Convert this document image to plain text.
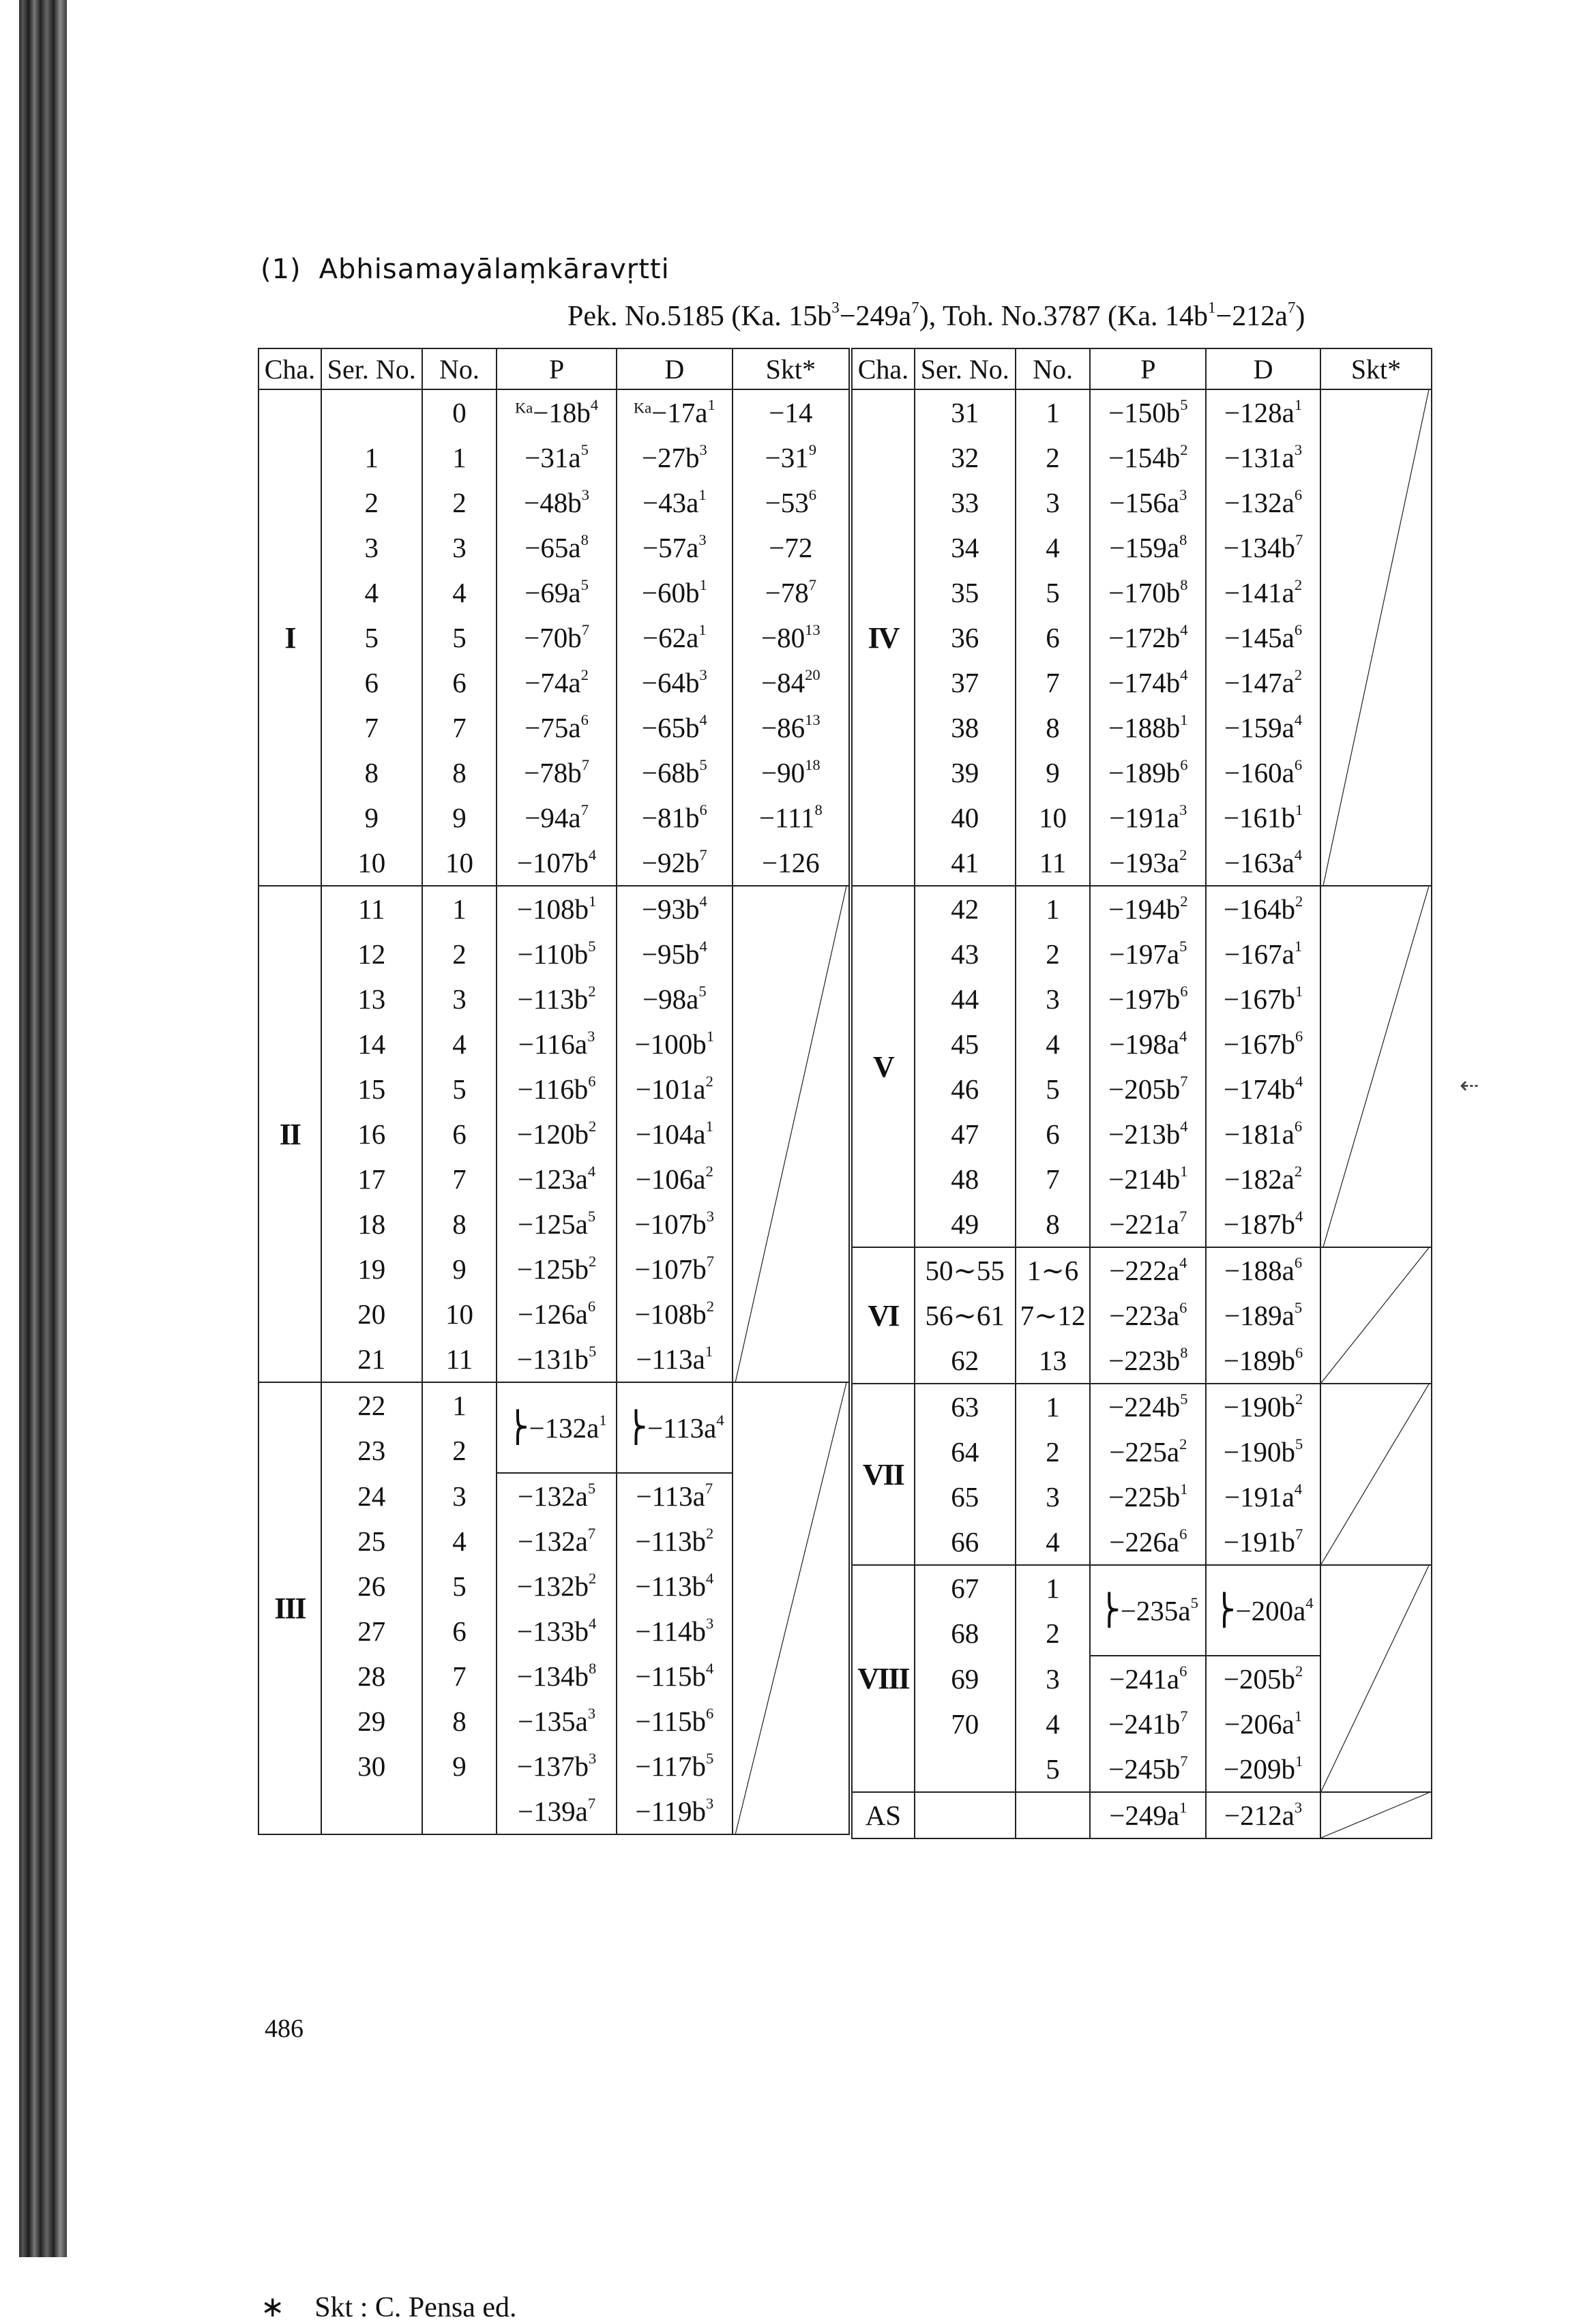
(1) Abhisamayālaṃkāravṛtti
Pek. No.5185 (Ka. $15b^3-249a^7$), Toh. No.3787 (Ka. $14b^1-212a^7$)
Cha.	Ser. No.	No.	P	D	Skt*
I		0	$^{Ka}-18b^4$	$^{Ka}-17a^1$	−14
	1	1	$-31a^5$	$-27b^3$	$-31^9$
	2	2	$-48b^3$	$-43a^1$	$-53^6$
	3	3	$-65a^8$	$-57a^3$	−72
	4	4	$-69a^5$	$-60b^1$	$-78^7$
	5	5	$-70b^7$	$-62a^1$	$-80^{13}$
	6	6	$-74a^2$	$-64b^3$	$-84^{20}$
	7	7	$-75a^6$	$-65b^4$	$-86^{13}$
	8	8	$-78b^7$	$-68b^5$	$-90^{18}$
	9	9	$-94a^7$	$-81b^6$	$-111^8$
	10	10	$-107b^4$	$-92b^7$	−126
II	11	1	$-108b^1$	$-93b^4$	

	12	2	$-110b^5$	$-95b^4$
	13	3	$-113b^2$	$-98a^5$
	14	4	$-116a^3$	$-100b^1$
	15	5	$-116b^6$	$-101a^2$
	16	6	$-120b^2$	$-104a^1$
	17	7	$-123a^4$	$-106a^2$
	18	8	$-125a^5$	$-107b^3$
	19	9	$-125b^2$	$-107b^7$
	20	10	$-126a^6$	$-108b^2$
	21	11	$-131b^5$	$-113a^1$
III	22	1	$⎬-132a^1$	$⎬-113a^4$	

	23	2			
	24	3	$-132a^5$	$-113a^7$
	25	4	$-132a^7$	$-113b^2$
	26	5	$-132b^2$	$-113b^4$
	27	6	$-133b^4$	$-114b^3$
	28	7	$-134b^8$	$-115b^4$
	29	8	$-135a^3$	$-115b^6$
	30	9	$-137b^3$	$-117b^5$
			$-139a^7$	$-119b^3$
Cha.	Ser. No.	No.	P	D	Skt*
IV	31	1	$-150b^5$	$-128a^1$	

	32	2	$-154b^2$	$-131a^3$
	33	3	$-156a^3$	$-132a^6$
	34	4	$-159a^8$	$-134b^7$
	35	5	$-170b^8$	$-141a^2$
	36	6	$-172b^4$	$-145a^6$
	37	7	$-174b^4$	$-147a^2$
	38	8	$-188b^1$	$-159a^4$
	39	9	$-189b^6$	$-160a^6$
	40	10	$-191a^3$	$-161b^1$
	41	11	$-193a^2$	$-163a^4$
V	42	1	$-194b^2$	$-164b^2$	

	43	2	$-197a^5$	$-167a^1$
	44	3	$-197b^6$	$-167b^1$
	45	4	$-198a^4$	$-167b^6$
	46	5	$-205b^7$	$-174b^4$
	47	6	$-213b^4$	$-181a^6$
	48	7	$-214b^1$	$-182a^2$
	49	8	$-221a^7$	$-187b^4$
VI	50∼55	1∼6	$-222a^4$	$-188a^6$	

	56∼61	7∼12	$-223a^6$	$-189a^5$
	62	13	$-223b^8$	$-189b^6$
VII	63	1	$-224b^5$	$-190b^2$	

	64	2	$-225a^2$	$-190b^5$
	65	3	$-225b^1$	$-191a^4$
	66	4	$-226a^6$	$-191b^7$
VIII	67	1	$⎬-235a^5$	$⎬-200a^4$	

	68	2			
	69	3	$-241a^6$	$-205b^2$
	70	4	$-241b^7$	$-206a^1$
		5	$-245b^7$	$-209b^1$
AS			$-249a^1$	$-212a^3$	
∗ Skt : C. Pensa ed.
486
⇠
